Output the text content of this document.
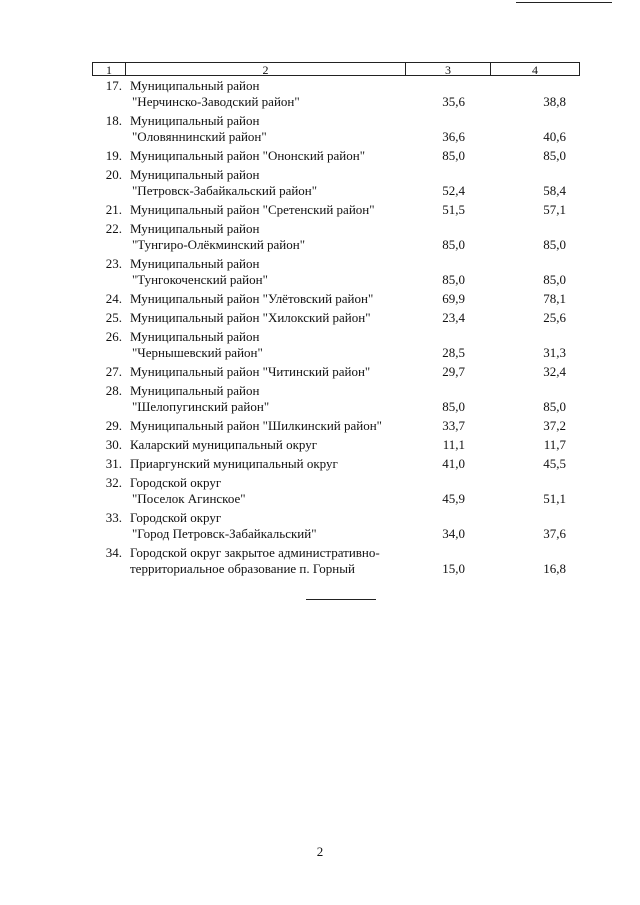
1	2	3	4
17. Муниципальный район
"Нерчинско-Заводский район"	35,6	38,8
18. Муниципальный район
"Оловяннинский район"	36,6	40,6
19. Муниципальный район "Ононский район"	85,0	85,0
20. Муниципальный район
"Петровск-Забайкальский район"	52,4	58,4
21. Муниципальный район "Сретенский район"	51,5	57,1
22. Муниципальный район
"Тунгиро-Олёкминский район"	85,0	85,0
23. Муниципальный район
"Тунгокоченский район"	85,0	85,0
24. Муниципальный район "Улётовский район"	69,9	78,1
25. Муниципальный район "Хилокский район"	23,4	25,6
26. Муниципальный район
"Чернышевский район"	28,5	31,3
27. Муниципальный район "Читинский район"	29,7	32,4
28. Муниципальный район
"Шелопугинский район"	85,0	85,0
29. Муниципальный район "Шилкинский район"	33,7	37,2
30. Каларский муниципальный округ	11,1	11,7
31. Приаргунский муниципальный округ	41,0	45,5
32. Городской округ
"Поселок Агинское"	45,9	51,1
33. Городской округ
"Город Петровск-Забайкальский"	34,0	37,6
34. Городской округ закрытое административно-
территориальное образование п. Горный	15,0	16,8
2
